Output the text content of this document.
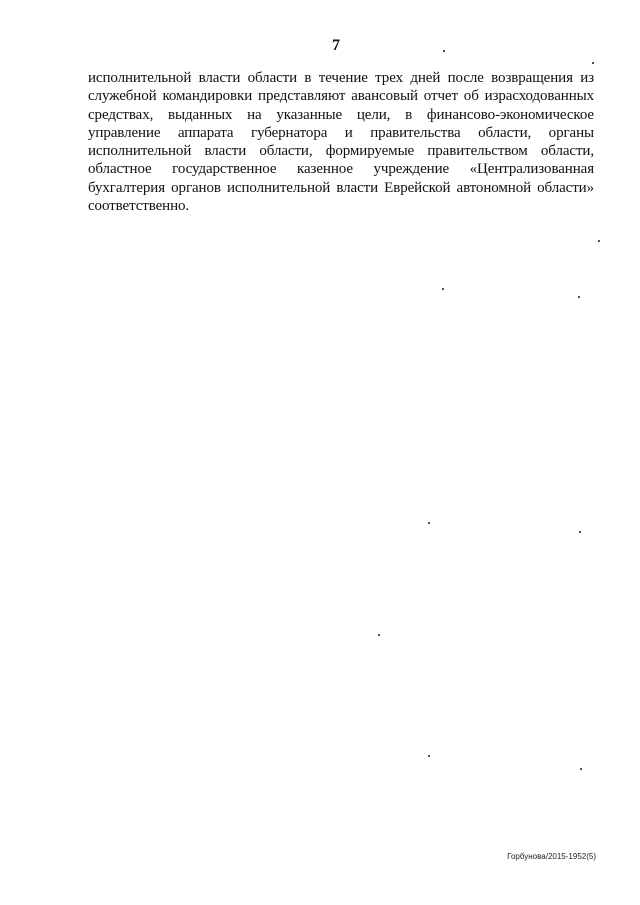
7

исполнительной власти области в течение трех дней после возвращения из служебной командировки представляют авансовый отчет об израсходованных средствах, выданных на указанные цели, в финансово-экономическое управление аппарата губернатора и правительства области, органы исполнительной власти области, формируемые правительством области, областное государственное казенное учреждение «Централизованная бухгалтерия органов исполнительной власти Еврейской автономной области» соответственно.

Горбунова/2015-1952(5)
